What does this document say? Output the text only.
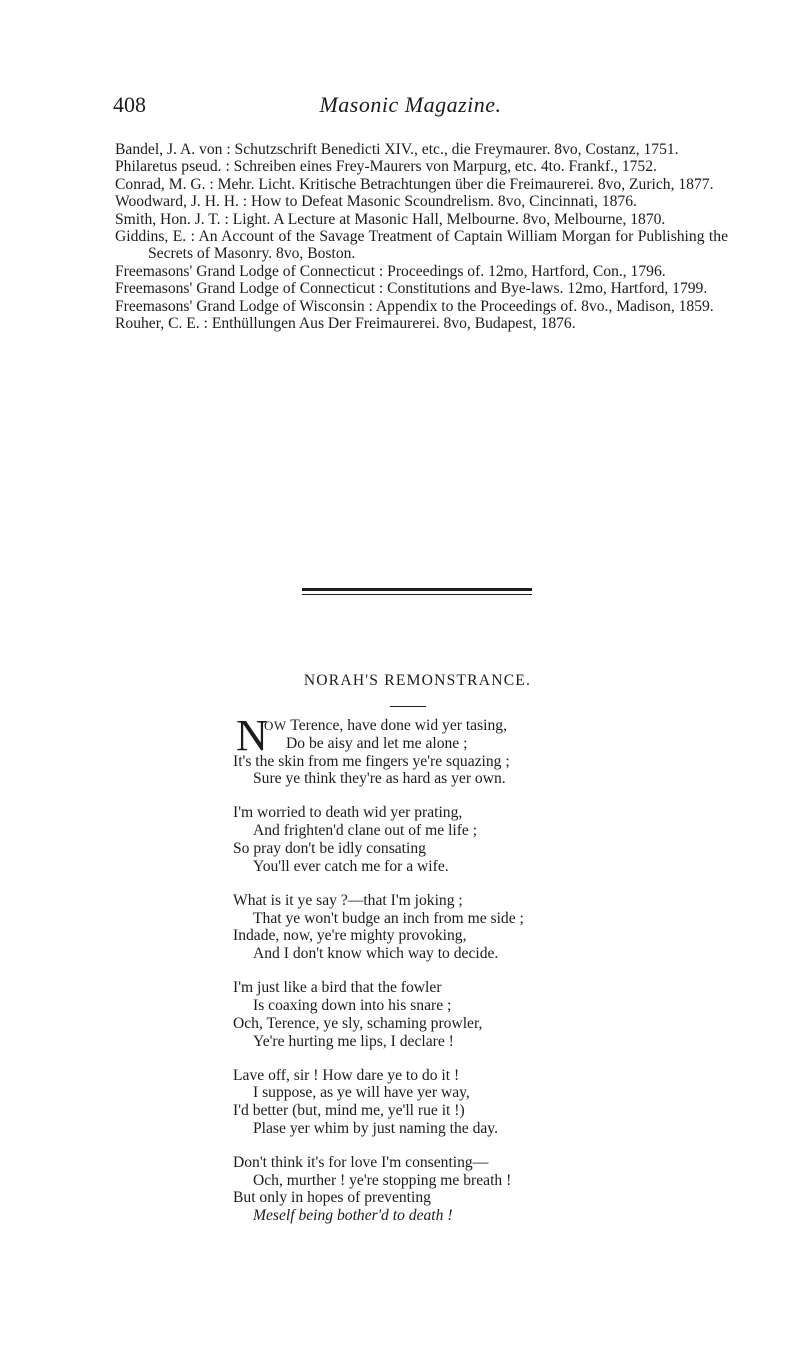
408	Masonic Magazine.

Bandel, J. A. von : Schutzschrift Benedicti XIV., etc., die Freymaurer. 8vo, Costanz, 1751.

Philaretus pseud. : Schreiben eines Frey-Maurers von Marpurg, etc. 4to. Frankf., 1752.

Conrad, M. G. : Mehr. Licht. Kritische Betrachtungen über die Freimaurerei. 8vo, Zurich, 1877.

Woodward, J. H. H. : How to Defeat Masonic Scoundrelism. 8vo, Cincinnati, 1876.

Smith, Hon. J. T. : Light. A Lecture at Masonic Hall, Melbourne. 8vo, Melbourne, 1870.

Giddins, E. : An Account of the Savage Treatment of Captain William Morgan for Publishing the Secrets of Masonry. 8vo, Boston.

Freemasons' Grand Lodge of Connecticut : Proceedings of. 12mo, Hartford, Con., 1796.

Freemasons' Grand Lodge of Connecticut : Constitutions and Bye-laws. 12mo, Hartford, 1799.

Freemasons' Grand Lodge of Wisconsin : Appendix to the Proceedings of. 8vo., Madison, 1859.

Rouher, C. E. : Enthüllungen Aus Der Freimaurerei. 8vo, Budapest, 1876.

NORAH'S REMONSTRANCE.
N
OW Terence, have done wid yer tasing,
Do be aisy and let me alone ;
It's the skin from me fingers ye're squazing ;
Sure ye think they're as hard as yer own.
I'm worried to death wid yer prating,
And frighten'd clane out of me life ;
So pray don't be idly consating
You'll ever catch me for a wife.
What is it ye say ?—that I'm joking ;
That ye won't budge an inch from me side ;
Indade, now, ye're mighty provoking,
And I don't know which way to decide.
I'm just like a bird that the fowler
Is coaxing down into his snare ;
Och, Terence, ye sly, schaming prowler,
Ye're hurting me lips, I declare !
Lave off, sir ! How dare ye to do it !
I suppose, as ye will have yer way,
I'd better (but, mind me, ye'll rue it !)
Plase yer whim by just naming the day.
Don't think it's for love I'm consenting—
Och, murther ! ye're stopping me breath !
But only in hopes of preventing
Meself being bother'd to death !
